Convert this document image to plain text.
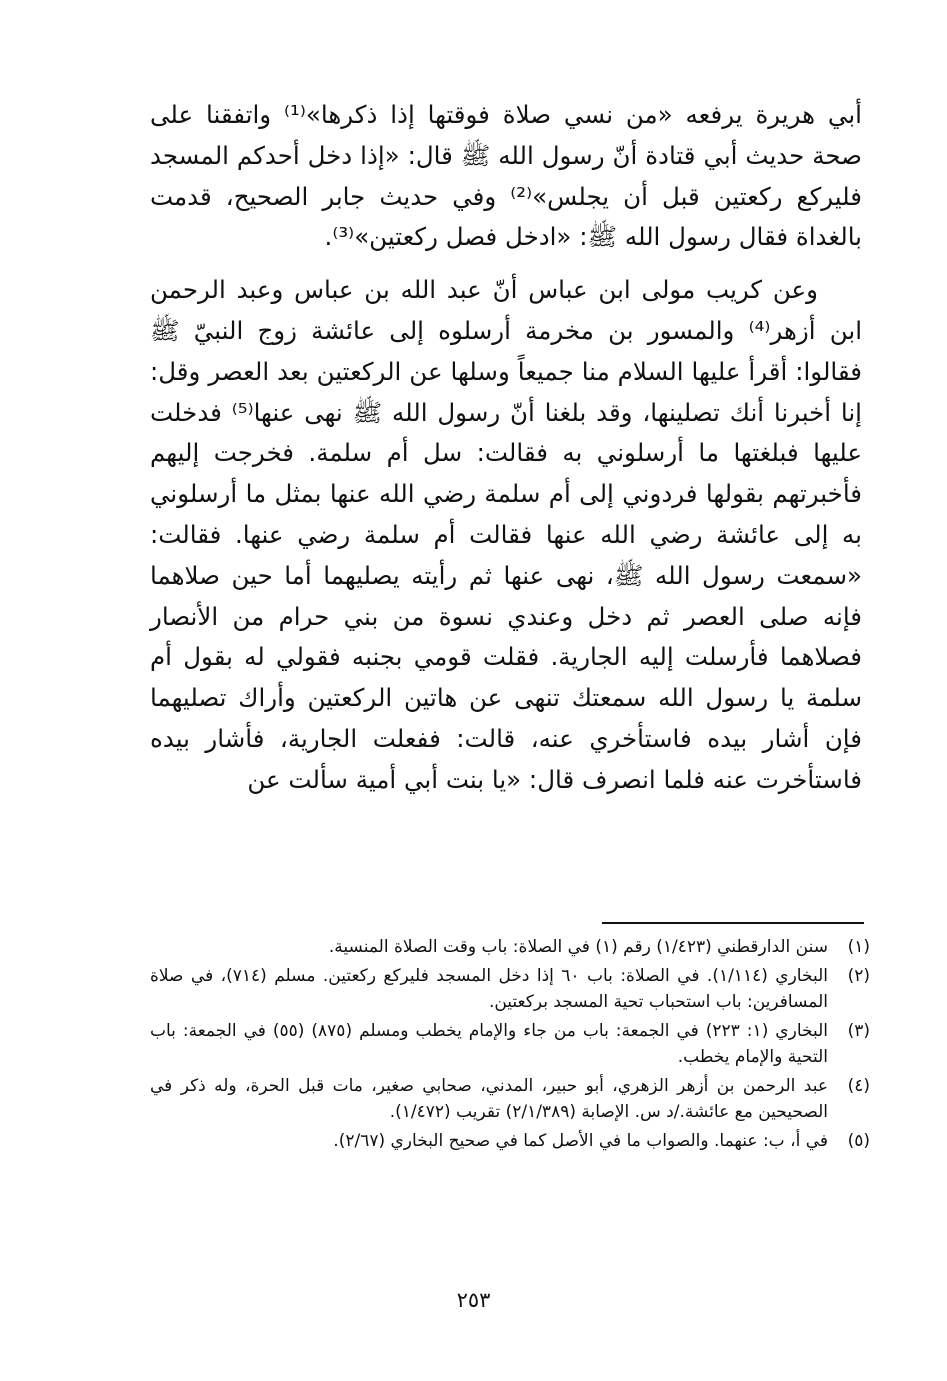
أبي هريرة يرفعه «من نسي صلاة فوقتها إذا ذكرها»⁽¹⁾ واتفقنا على صحة حديث أبي قتادة أنّ رسول الله ﷺ قال: «إذا دخل أحدكم المسجد فليركع ركعتين قبل أن يجلس»⁽²⁾ وفي حديث جابر الصحيح، قدمت بالغداة فقال رسول الله ﷺ: «ادخل فصل ركعتين»⁽³⁾.

وعن كريب مولى ابن عباس أنّ عبد الله بن عباس وعبد الرحمن ابن أزهر⁽⁴⁾ والمسور بن مخرمة أرسلوه إلى عائشة زوج النبيّ ﷺ فقالوا: أقرأ عليها السلام منا جميعاً وسلها عن الركعتين بعد العصر وقل: إنا أخبرنا أنك تصلينها، وقد بلغنا أنّ رسول الله ﷺ نهى عنها⁽⁵⁾ فدخلت عليها فبلغتها ما أرسلوني به فقالت: سل أم سلمة. فخرجت إليهم فأخبرتهم بقولها فردوني إلى أم سلمة رضي الله عنها بمثل ما أرسلوني به إلى عائشة رضي الله عنها فقالت أم سلمة رضي عنها. فقالت: «سمعت رسول الله ﷺ، نهى عنها ثم رأيته يصليهما أما حين صلاهما فإنه صلى العصر ثم دخل وعندي نسوة من بني حرام من الأنصار فصلاهما فأرسلت إليه الجارية. فقلت قومي بجنبه فقولي له بقول أم سلمة يا رسول الله سمعتك تنهى عن هاتين الركعتين وأراك تصليهما فإن أشار بيده فاستأخري عنه، قالت: ففعلت الجارية، فأشار بيده فاستأخرت عنه فلما انصرف قال: «يا بنت أبي أمية سألت عن

(١)
سنن الدارقطني (١/٤٢٣) رقم (١) في الصلاة: باب وقت الصلاة المنسية.
(٢)
البخاري (١/١١٤). في الصلاة: باب ٦٠ إذا دخل المسجد فليركع ركعتين. مسلم (٧١٤)، في صلاة المسافرين: باب استحباب تحية المسجد بركعتين.
(٣)
البخاري (١: ٢٢٣) في الجمعة: باب من جاء والإمام يخطب ومسلم (٨٧٥) (٥٥) في الجمعة: باب التحية والإمام يخطب.
(٤)
عبد الرحمن بن أزهر الزهري، أبو حبير، المدني، صحابي صغير، مات قبل الحرة، وله ذكر في الصحيحين مع عائشة./د س. الإصابة (٢/١/٣٨٩) تقريب (١/٤٧٢).
(٥)
في أ، ب: عنهما. والصواب ما في الأصل كما في صحيح البخاري (٢/٦٧).
٢٥٣
